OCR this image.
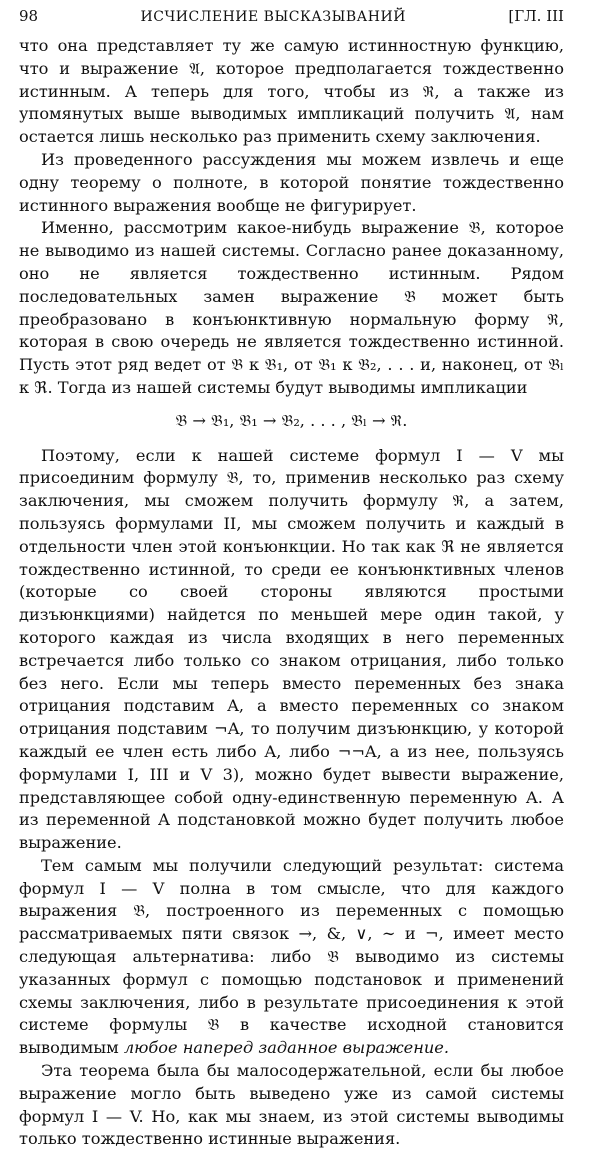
98	ИСЧИСЛЕНИЕ ВЫСКАЗЫВАНИЙ	[ГЛ. III

что она представляет ту же самую истинностную функцию, что и выражение 𝔄, которое предполагается тождественно истинным. А теперь для того, чтобы из ℜ, а также из упомянутых выше выводимых импликаций получить 𝔄, нам остается лишь несколько раз применить схему заключения.

Из проведенного рассуждения мы можем извлечь и еще одну теорему о полноте, в которой понятие тождественно истинного выражения вообще не фигурирует.

Именно, рассмотрим какое-нибудь выражение 𝔅, которое не выводимо из нашей системы. Согласно ранее доказанному, оно не является тождественно истинным. Рядом последовательных замен выражение 𝔅 может быть преобразовано в конъюнктивную нормальную форму ℜ, которая в свою очередь не является тождественно истинной. Пусть этот ряд ведет от 𝔅 к 𝔅₁, от 𝔅₁ к 𝔅₂, . . . и, наконец, от 𝔅ₗ к ℜ. Тогда из нашей системы будут выводимы импликации

𝔅 → 𝔅₁, 𝔅₁ → 𝔅₂, . . . , 𝔅ₗ → ℜ.

Поэтому, если к нашей системе формул I — V мы присоединим формулу 𝔅, то, применив несколько раз схему заключения, мы сможем получить формулу ℜ, а затем, пользуясь формулами II, мы сможем получить и каждый в отдельности член этой конъюнкции. Но так как ℜ не является тождественно истинной, то среди ее конъюнктивных членов (которые со своей стороны являются простыми дизъюнкциями) найдется по меньшей мере один такой, у которого каждая из числа входящих в него переменных встречается либо только со знаком отрицания, либо только без него. Если мы теперь вместо переменных без знака отрицания подставим A, а вместо переменных со знаком отрицания подставим ¬A, то получим дизъюнкцию, у которой каждый ее член есть либо A, либо ¬¬A, а из нее, пользуясь формулами I, III и V 3), можно будет вывести выражение, представляющее собой одну-единственную переменную A. А из переменной A подстановкой можно будет получить любое выражение.

Тем самым мы получили следующий результат: система формул I — V полна в том смысле, что для каждого выражения 𝔅, построенного из переменных с помощью рассматриваемых пяти связок →, &, ∨, ∼ и ¬, имеет место следующая альтернатива: либо 𝔅 выводимо из системы указанных формул с помощью подстановок и применений схемы заключения, либо в результате присоединения к этой системе формулы 𝔅 в качестве исходной становится выводимым любое наперед заданное выражение.

Эта теорема была бы малосодержательной, если бы любое выражение могло быть выведено уже из самой системы формул I — V. Но, как мы знаем, из этой системы выводимы только тождественно истинные выражения.
